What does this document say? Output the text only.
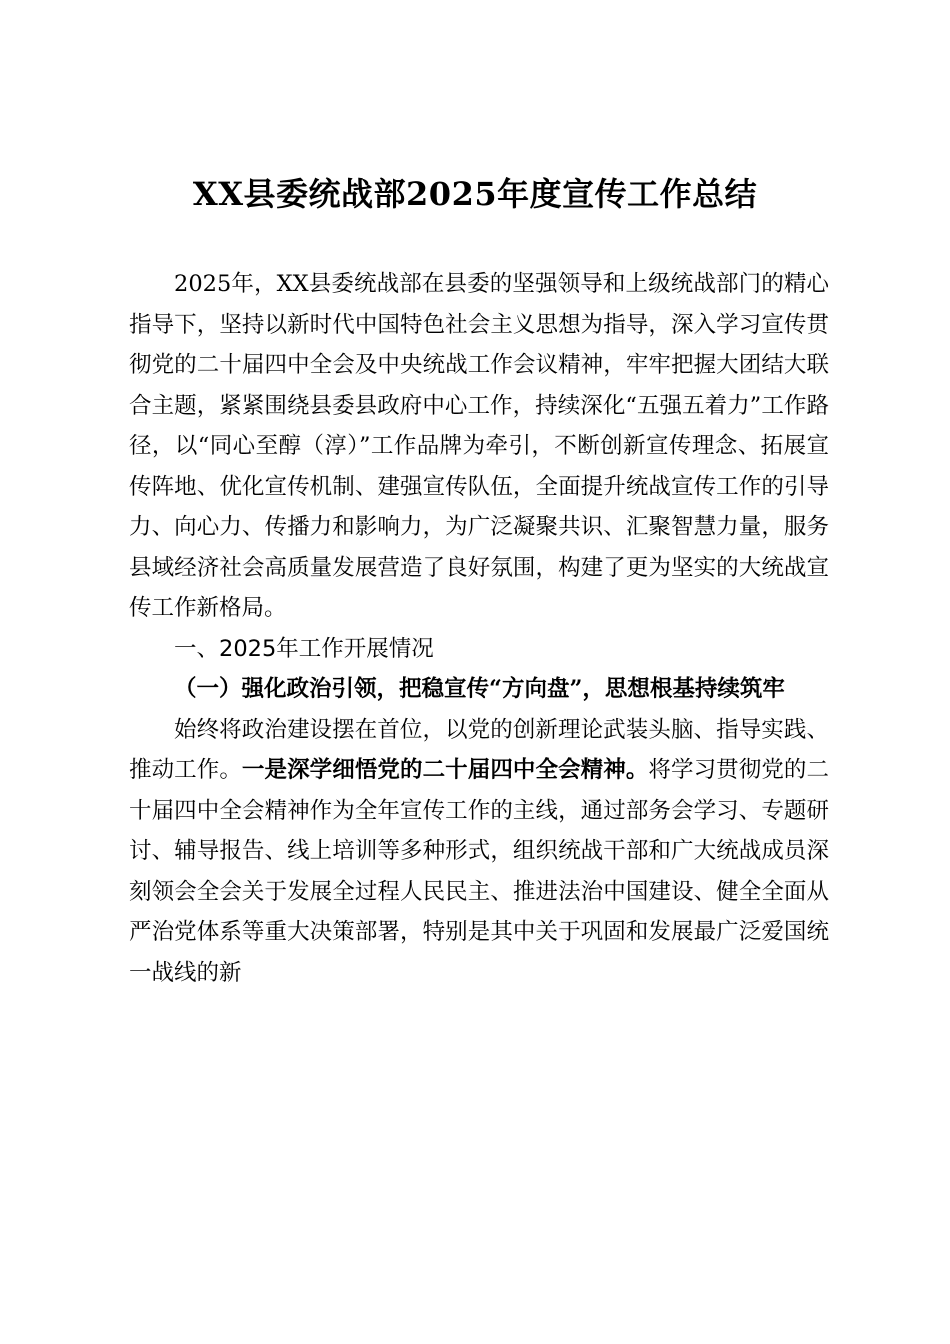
XX县委统战部2025年度宣传工作总结

2025年，XX县委统战部在县委的坚强领导和上级统战部门的精心指导下，坚持以新时代中国特色社会主义思想为指导，深入学习宣传贯彻党的二十届四中全会及中央统战工作会议精神，牢牢把握大团结大联合主题，紧紧围绕县委县政府中心工作，持续深化“五强五着力”工作路径，以“同心至醇（淳）”工作品牌为牵引，不断创新宣传理念、拓展宣传阵地、优化宣传机制、建强宣传队伍，全面提升统战宣传工作的引导力、向心力、传播力和影响力，为广泛凝聚共识、汇聚智慧力量，服务县域经济社会高质量发展营造了良好氛围，构建了更为坚实的大统战宣传工作新格局。

一、2025年工作开展情况

（一）强化政治引领，把稳宣传“方向盘”，思想根基持续筑牢

始终将政治建设摆在首位，以党的创新理论武装头脑、指导实践、推动工作。一是深学细悟党的二十届四中全会精神。将学习贯彻党的二十届四中全会精神作为全年宣传工作的主线，通过部务会学习、专题研讨、辅导报告、线上培训等多种形式，组织统战干部和广大统战成员深刻领会全会关于发展全过程人民民主、推进法治中国建设、健全全面从严治党体系等重大决策部署，特别是其中关于巩固和发展最广泛爱国统一战线的新
